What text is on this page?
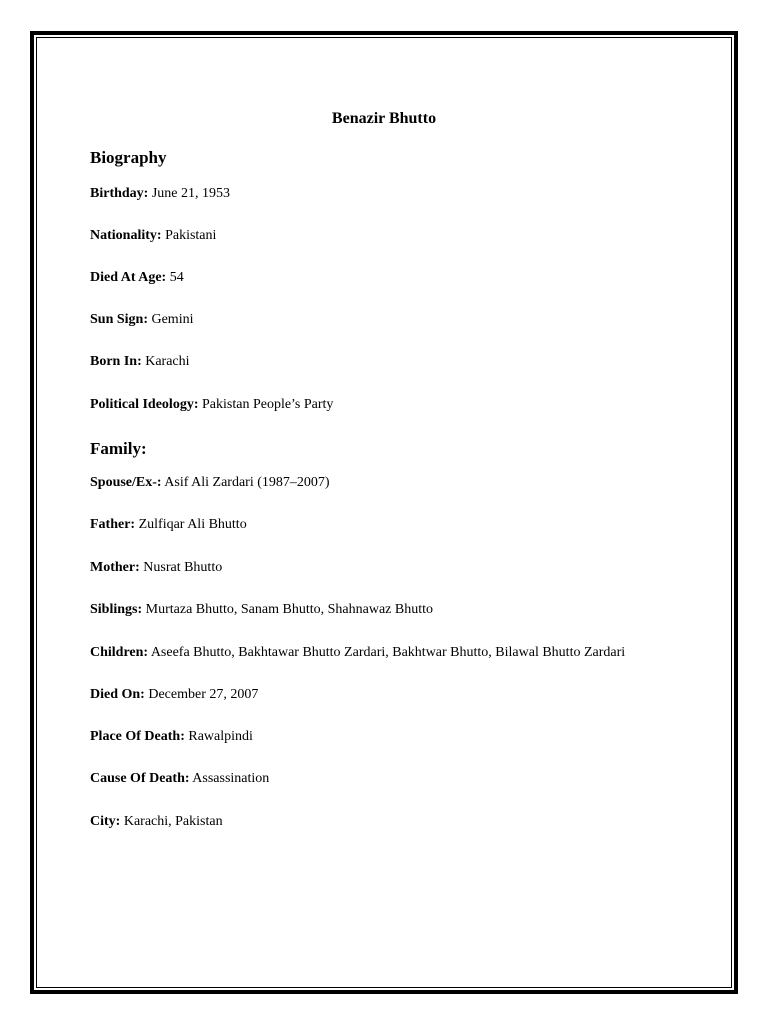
Benazir Bhutto
Biography
Birthday: June 21, 1953
Nationality: Pakistani
Died At Age: 54
Sun Sign: Gemini
Born In: Karachi
Political Ideology: Pakistan People’s Party
Family:
Spouse/Ex-: Asif Ali Zardari (1987–2007)
Father: Zulfiqar Ali Bhutto
Mother: Nusrat Bhutto
Siblings: Murtaza Bhutto, Sanam Bhutto, Shahnawaz Bhutto
Children: Aseefa Bhutto, Bakhtawar Bhutto Zardari, Bakhtwar Bhutto, Bilawal Bhutto Zardari
Died On: December 27, 2007
Place Of Death: Rawalpindi
Cause Of Death: Assassination
City: Karachi, Pakistan
